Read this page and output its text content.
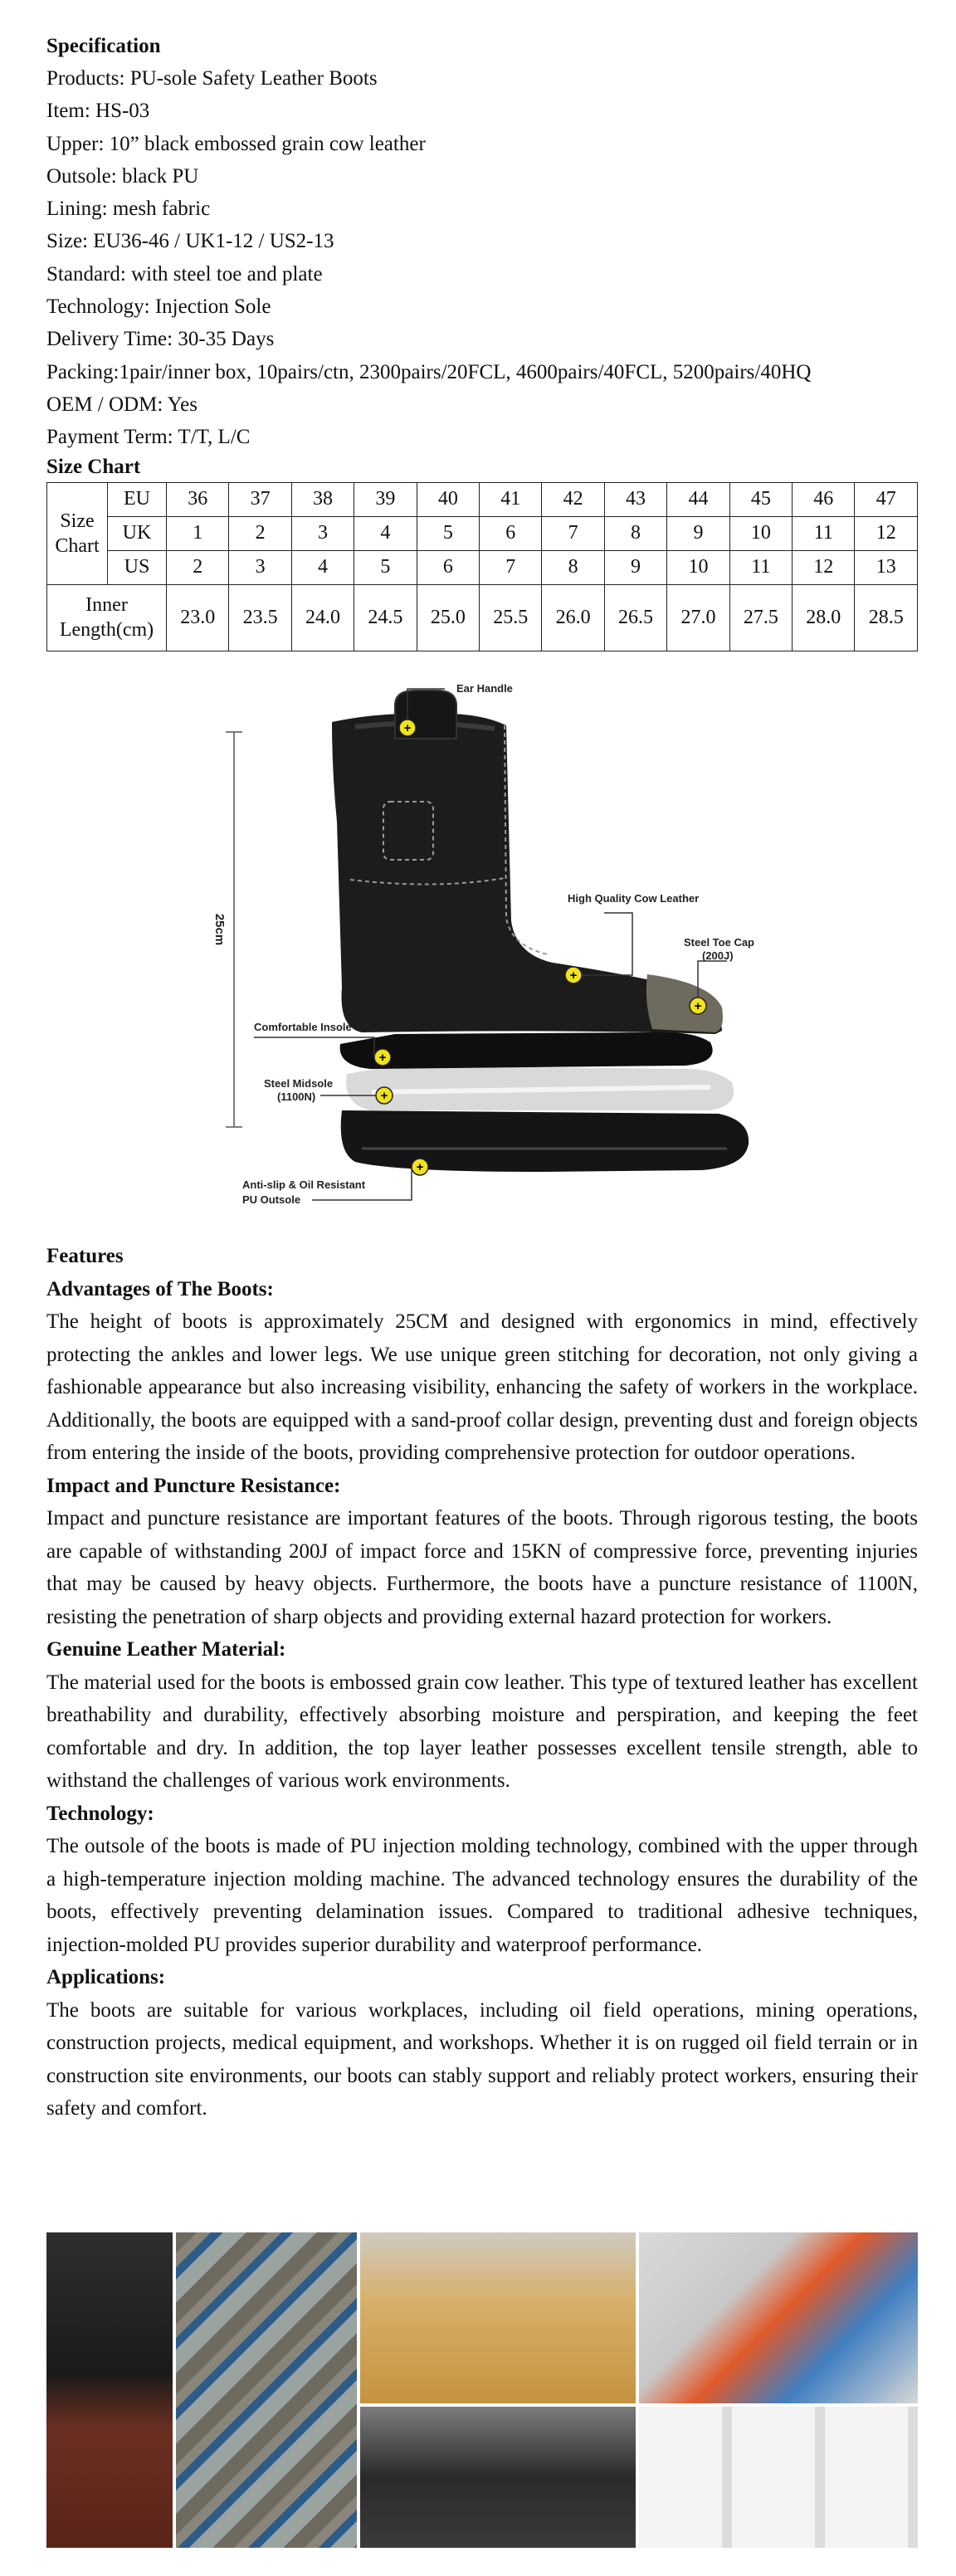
Specification
Products: PU-sole Safety Leather Boots
Item: HS-03
Upper: 10” black embossed grain cow leather
Outsole: black PU
Lining: mesh fabric
Size: EU36-46 / UK1-12 / US2-13
Standard: with steel toe and plate
Technology: Injection Sole
Delivery Time: 30-35 Days
Packing:1pair/inner box, 10pairs/ctn, 2300pairs/20FCL, 4600pairs/40FCL, 5200pairs/40HQ
OEM / ODM: Yes
Payment Term: T/T, L/C
Size Chart
Size Chart	EU	36	37	38	39	40	41	42	43	44	45	46	47
	UK	1	2	3	4	5	6	7	8	9	10	11	12
	US	2	3	4	5	6	7	8	9	10	11	12	13
Inner Length(cm)		23.0	23.5	24.0	24.5	25.0	25.5	26.0	26.5	27.0	27.5	28.0	28.5
25cm
+
+
+
+
+
+
Ear Handle
High Quality Cow Leather
Steel Toe Cap
(200J)
Comfortable Insole
Steel Midsole
(1100N)
Anti-slip & Oil Resistant
PU Outsole
Features
Advantages of The Boots:
The height of boots is approximately 25CM and designed with ergonomics in mind, effectively protecting the ankles and lower legs. We use unique green stitching for decoration, not only giving a fashionable appearance but also increasing visibility, enhancing the safety of workers in the workplace. Additionally, the boots are equipped with a sand-proof collar design, preventing dust and foreign objects from entering the inside of the boots, providing comprehensive protection for outdoor operations.
Impact and Puncture Resistance:
Impact and puncture resistance are important features of the boots. Through rigorous testing, the boots are capable of withstanding 200J of impact force and 15KN of compressive force, preventing injuries that may be caused by heavy objects. Furthermore, the boots have a puncture resistance of 1100N, resisting the penetration of sharp objects and providing external hazard protection for workers.
Genuine Leather Material:
The material used for the boots is embossed grain cow leather. This type of textured leather has excellent breathability and durability, effectively absorbing moisture and perspiration, and keeping the feet comfortable and dry. In addition, the top layer leather possesses excellent tensile strength, able to withstand the challenges of various work environments.
Technology:
The outsole of the boots is made of PU injection molding technology, combined with the upper through a high-temperature injection molding machine. The advanced technology ensures the durability of the boots, effectively preventing delamination issues. Compared to traditional adhesive techniques, injection-molded PU provides superior durability and waterproof performance.
Applications:
The boots are suitable for various workplaces, including oil field operations, mining operations, construction projects, medical equipment, and workshops. Whether it is on rugged oil field terrain or in construction site environments, our boots can stably support and reliably protect workers, ensuring their safety and comfort.
